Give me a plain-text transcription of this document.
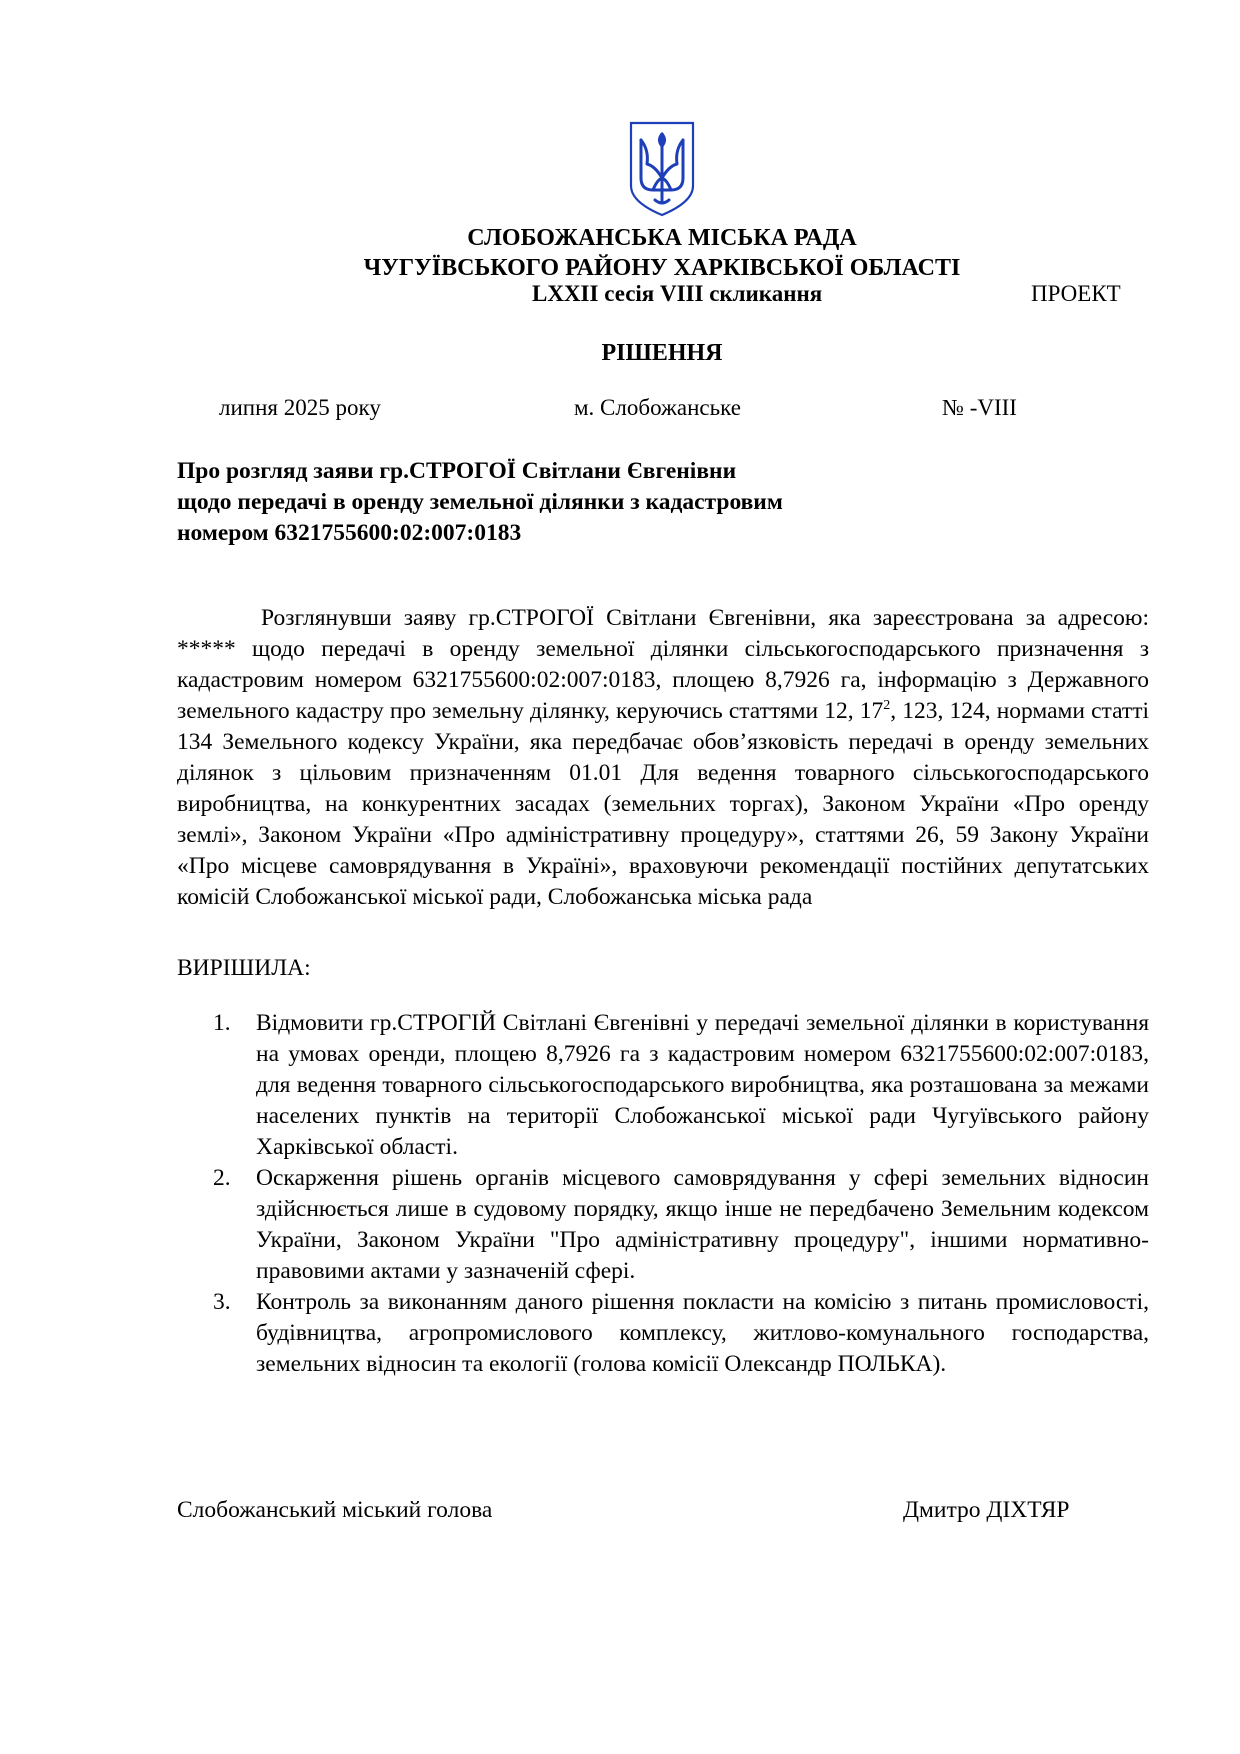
СЛОБОЖАНСЬКА МІСЬКА РАДА
ЧУГУЇВСЬКОГО РАЙОНУ ХАРКІВСЬКОЇ ОБЛАСТІ
LXXII сесія VIII скликання	ПРОЕКТ
РІШЕННЯ
липня 2025 року	м. Слобожанське	№ -VIII
Про розгляд заяви гр.СТРОГОЇ Світлани Євгенівни
щодо передачі в оренду земельної ділянки з кадастровим
номером 6321755600:02:007:0183
Розглянувши заяву гр.СТРОГОЇ Світлани Євгенівни, яка зареєстрована за адресою: ***** щодо передачі в оренду земельної ділянки сільськогосподарського призначення з кадастровим номером 6321755600:02:007:0183, площею 8,7926 га, інформацію з Державного земельного кадастру про земельну ділянку, керуючись статтями 12, $17^2$, 123, 124, нормами статті 134 Земельного кодексу України, яка передбачає обов’язковість передачі в оренду земельних ділянок з цільовим призначенням 01.01 Для ведення товарного сільськогосподарського виробництва, на конкурентних засадах (земельних торгах), Законом України «Про оренду землі», Законом України «Про адміністративну процедуру», статтями 26, 59 Закону України «Про місцеве самоврядування в Україні», враховуючи рекомендації постійних депутатських комісій Слобожанської міської ради, Слобожанська міська рада
ВИРІШИЛА:
1. Відмовити гр.СТРОГІЙ Світлані Євгенівні у передачі земельної ділянки в користування на умовах оренди, площею 8,7926 га з кадастровим номером 6321755600:02:007:0183, для ведення товарного сільськогосподарського виробництва, яка розташована за межами населених пунктів на території Слобожанської міської ради Чугуївського району Харківської області.
2. Оскарження рішень органів місцевого самоврядування у сфері земельних відносин здійснюється лише в судовому порядку, якщо інше не передбачено Земельним кодексом України, Законом України "Про адміністративну процедуру", іншими нормативно-правовими актами у зазначеній сфері.
3. Контроль за виконанням даного рішення покласти на комісію з питань промисловості, будівництва, агропромислового комплексу, житлово-комунального господарства, земельних відносин та екології (голова комісії Олександр ПОЛЬКА).
Слобожанський міський голова	Дмитро ДІХТЯР
